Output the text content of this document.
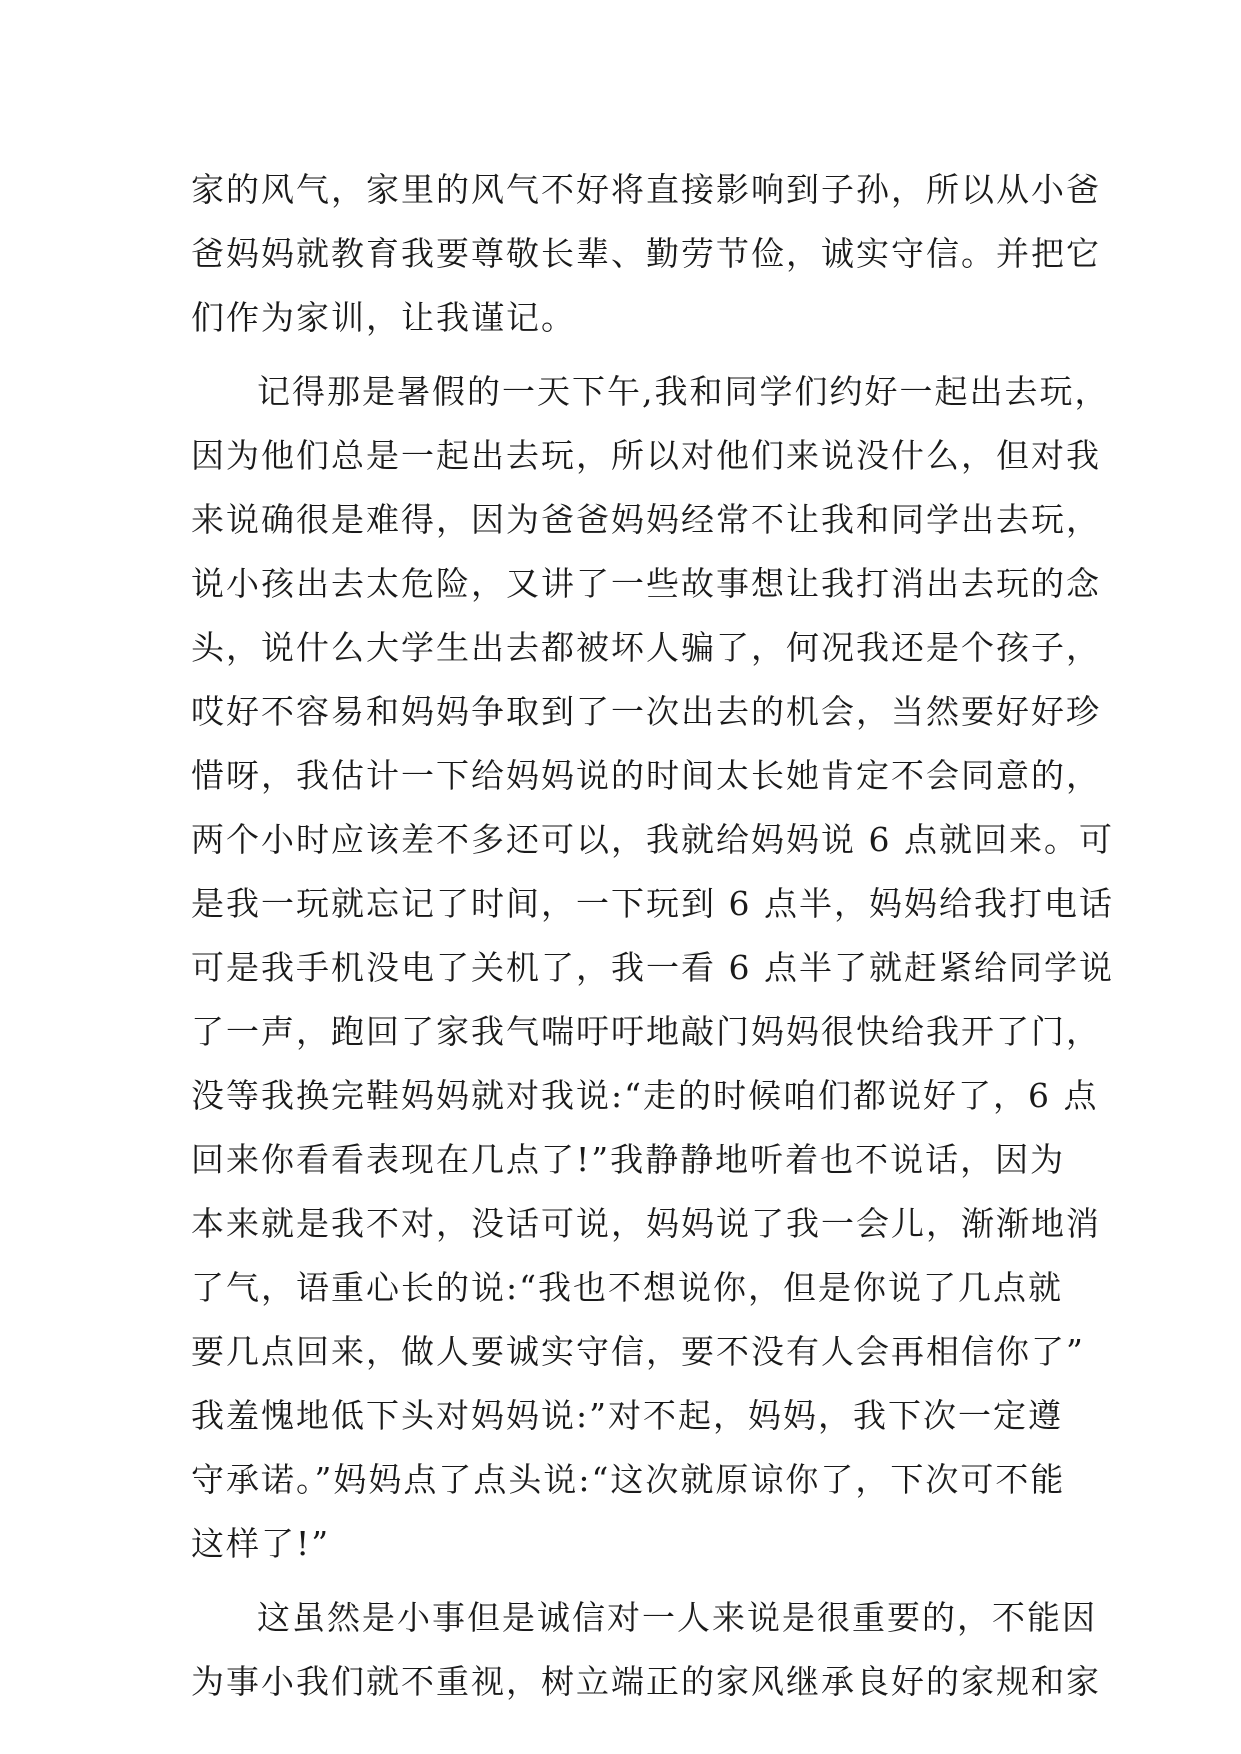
家的风气，家里的风气不好将直接影响到子孙，所以从小爸
爸妈妈就教育我要尊敬长辈、勤劳节俭，诚实守信。并把它
们作为家训，让我谨记。
记得那是暑假的一天下午,我和同学们约好一起出去玩，
因为他们总是一起出去玩，所以对他们来说没什么，但对我
来说确很是难得，因为爸爸妈妈经常不让我和同学出去玩，
说小孩出去太危险，又讲了一些故事想让我打消出去玩的念
头，说什么大学生出去都被坏人骗了，何况我还是个孩子，
哎好不容易和妈妈争取到了一次出去的机会，当然要好好珍
惜呀，我估计一下给妈妈说的时间太长她肯定不会同意的，
两个小时应该差不多还可以，我就给妈妈说 6 点就回来。可
是我一玩就忘记了时间，一下玩到 6 点半，妈妈给我打电话
可是我手机没电了关机了，我一看 6 点半了就赶紧给同学说
了一声，跑回了家我气喘吁吁地敲门妈妈很快给我开了门，
没等我换完鞋妈妈就对我说:“走的时候咱们都说好了，6 点
回来你看看表现在几点了!”我静静地听着也不说话，因为
本来就是我不对，没话可说，妈妈说了我一会儿，渐渐地消
了气，语重心长的说:“我也不想说你，但是你说了几点就
要几点回来，做人要诚实守信，要不没有人会再相信你了”
我羞愧地低下头对妈妈说:”对不起，妈妈，我下次一定遵
守承诺。”妈妈点了点头说:“这次就原谅你了，下次可不能
这样了!”
这虽然是小事但是诚信对一人来说是很重要的，不能因
为事小我们就不重视，树立端正的家风继承良好的家规和家
